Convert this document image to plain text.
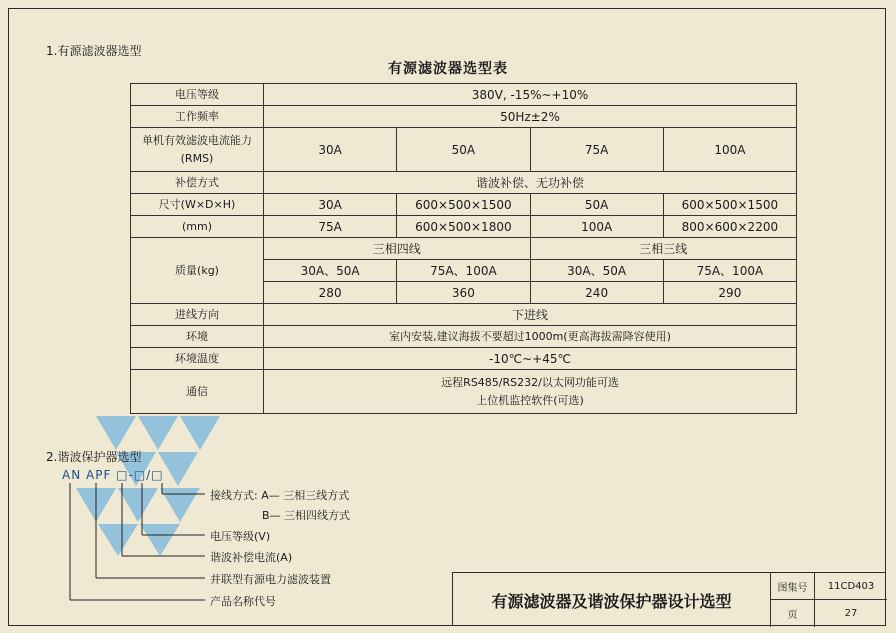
1.有源滤波器选型
有源滤波器选型表
电压等级	380V, -15%~+10%			
工作频率	50Hz±2%			
单机有效滤波电流能力
(RMS)	30A	50A	75A	100A
补偿方式	谐波补偿、无功补偿			
尺寸(W×D×H)	30A	600×500×1500	50A	600×500×1500
(mm)	75A	600×500×1800	100A	800×600×2200
质量(kg)	三相四线		三相三线	
	30A、50A	75A、100A	30A、50A	75A、100A
	280	360	240	290
进线方向	下进线			
环境	室内安装,建议海拔不要超过1000m(更高海拔需降容使用)			
环境温度	-10℃~+45℃			
通信	远程RS485/RS232/以太网功能可选
上位机监控软件(可选)			
2.谐波保护器选型
AN APF □-□/□
接线方式: A— 三相三线方式
B— 三相四线方式
电压等级(V)
谐波补偿电流(A)
并联型有源电力滤波装置
产品名称代号	有源滤波器及谐波保护器设计选型
图集号	11CD403
页	27
